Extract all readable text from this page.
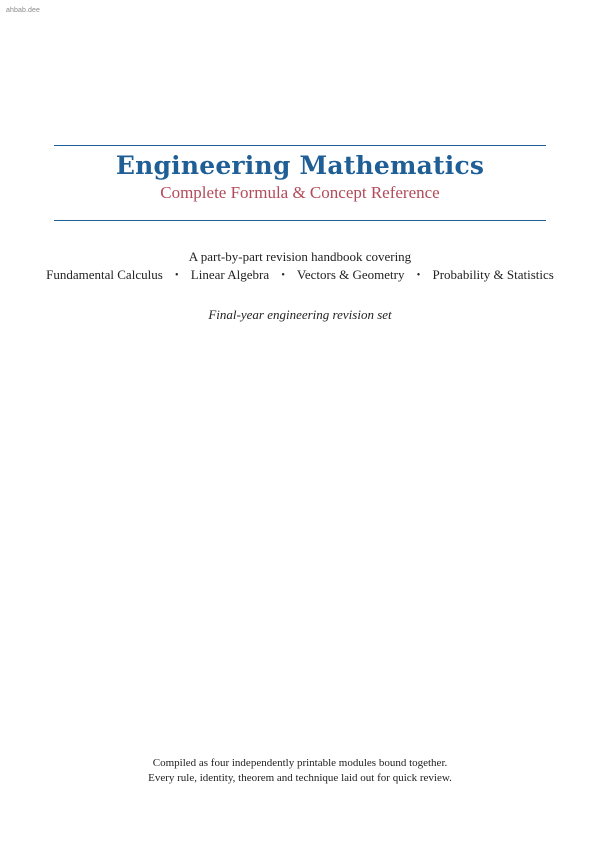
ahbab.dee
Engineering Mathematics
Complete Formula & Concept Reference
A part-by-part revision handbook covering
Fundamental Calculus • Linear Algebra • Vectors & Geometry • Probability & Statistics
Final-year engineering revision set
Compiled as four independently printable modules bound together.
Every rule, identity, theorem and technique laid out for quick review.
